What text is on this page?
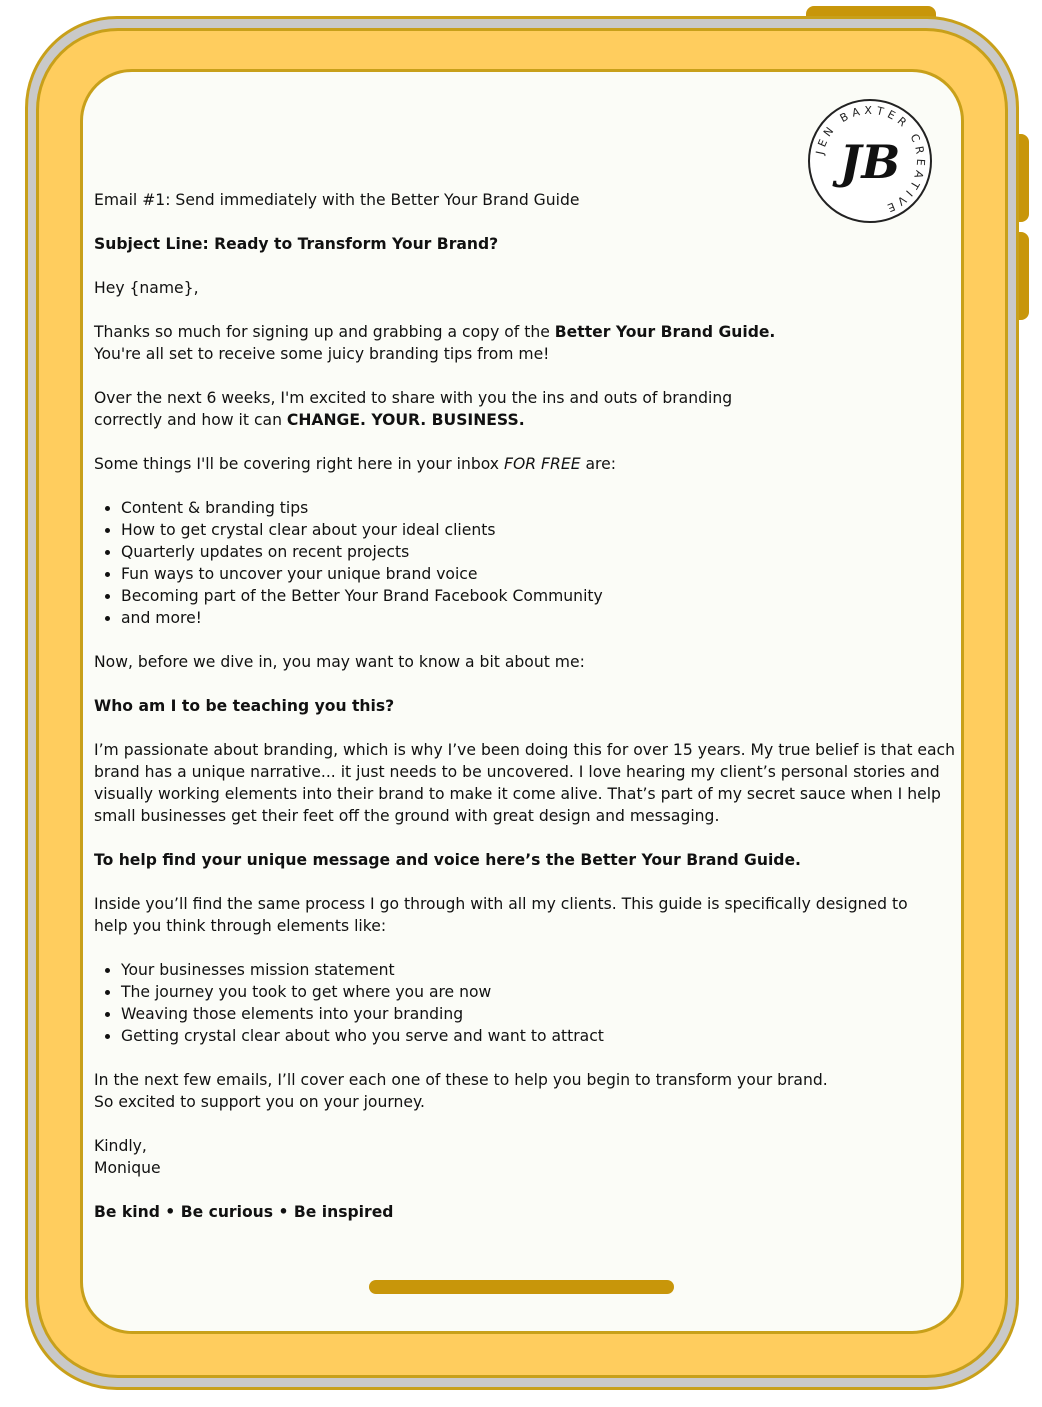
JEN BAXTER CREATIVE
JB

Email #1: Send immediately with the Better Your Brand Guide

Subject Line: Ready to Transform Your Brand?

Hey {name},

Thanks so much for signing up and grabbing a copy of the Better Your Brand Guide.
You're all set to receive some juicy branding tips from me!

Over the next 6 weeks, I'm excited to share with you the ins and outs of branding
correctly and how it can CHANGE. YOUR. BUSINESS.

Some things I'll be covering right here in your inbox FOR FREE are:

• Content & branding tips
• How to get crystal clear about your ideal clients
• Quarterly updates on recent projects
• Fun ways to uncover your unique brand voice
• Becoming part of the Better Your Brand Facebook Community
• and more!

Now, before we dive in, you may want to know a bit about me:

Who am I to be teaching you this?

I’m passionate about branding, which is why I’ve been doing this for over 15 years. My true belief is that each
brand has a unique narrative... it just needs to be uncovered. I love hearing my client’s personal stories and
visually working elements into their brand to make it come alive. That’s part of my secret sauce when I help
small businesses get their feet off the ground with great design and messaging.

To help find your unique message and voice here’s the Better Your Brand Guide.

Inside you’ll find the same process I go through with all my clients. This guide is specifically designed to
help you think through elements like:

• Your businesses mission statement
• The journey you took to get where you are now
• Weaving those elements into your branding
• Getting crystal clear about who you serve and want to attract

In the next few emails, I’ll cover each one of these to help you begin to transform your brand.
So excited to support you on your journey.

Kindly,
Monique

Be kind • Be curious • Be inspired
